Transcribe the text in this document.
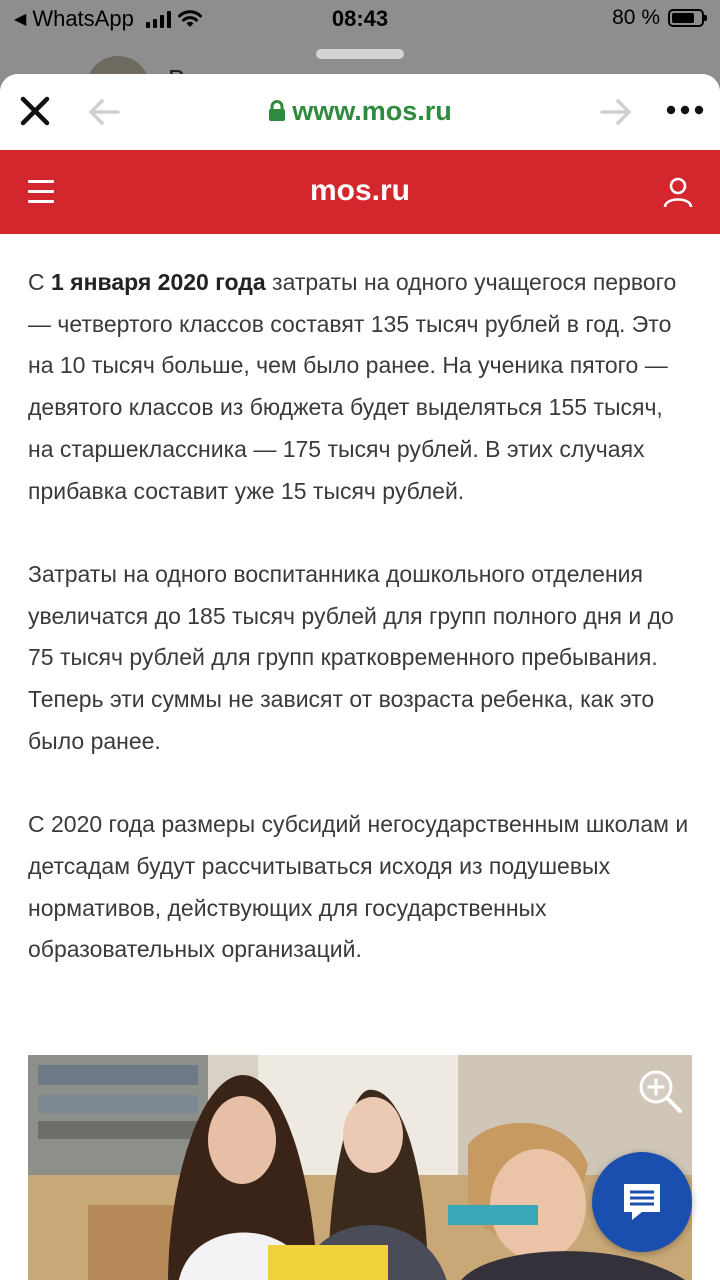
◀ WhatsApp	08:43	80 %
www.mos.ru
mos.ru

С 1 января 2020 года затраты на одного учащегося первого — четвертого классов составят 135 тысяч рублей в год. Это на 10 тысяч больше, чем было ранее. На ученика пятого — девятого классов из бюджета будет выделяться 155 тысяч, на старшеклассника — 175 тысяч рублей. В этих случаях прибавка составит уже 15 тысяч рублей.

Затраты на одного воспитанника дошкольного отделения увеличатся до 185 тысяч рублей для групп полного дня и до 75 тысяч рублей для групп кратковременного пребывания. Теперь эти суммы не зависят от возраста ребенка, как это было ранее.

С 2020 года размеры субсидий негосударственным школам и детсадам будут рассчитываться исходя из подушевых нормативов, действующих для государственных образовательных организаций.
